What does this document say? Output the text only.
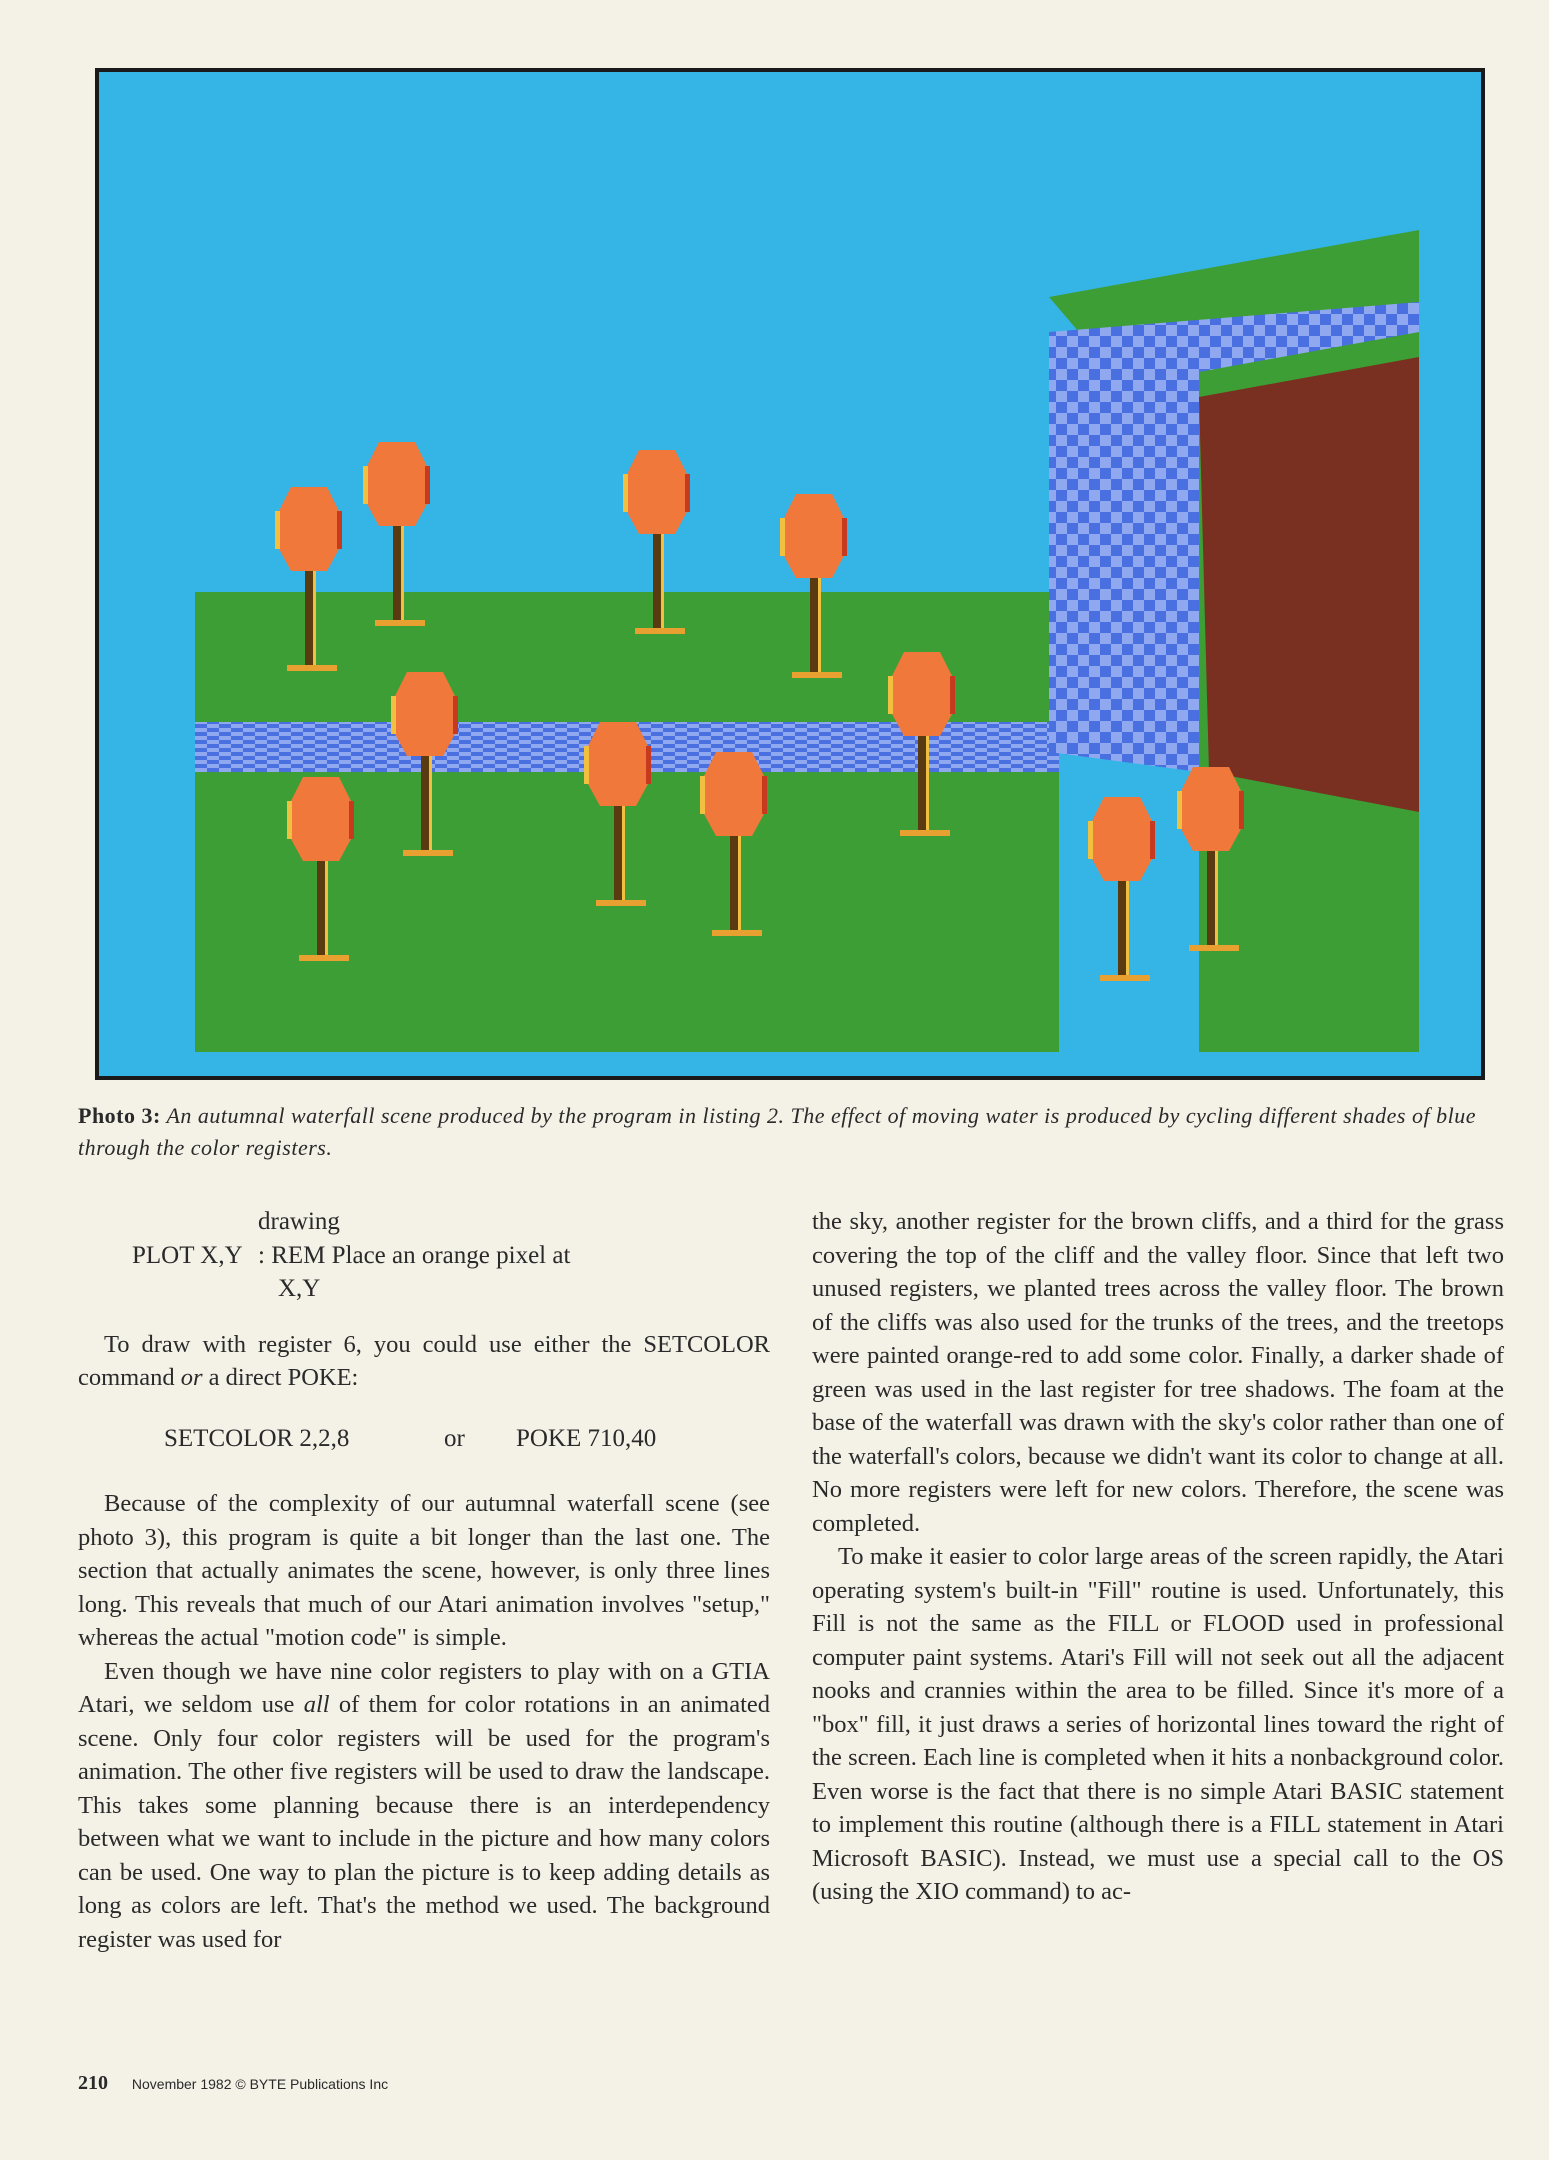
Photo 3: An autumnal waterfall scene produced by the program in listing 2. The effect of moving water is produced by cycling different shades of blue through the color registers.
drawing
PLOT X,Y : REM Place an orange pixel at
X,Y

To draw with register 6, you could use either the SETCOLOR command or a direct POKE:

SETCOLOR 2,2,8	or	POKE 710,40

Because of the complexity of our autumnal waterfall scene (see photo 3), this program is quite a bit longer than the last one. The section that actually animates the scene, however, is only three lines long. This reveals that much of our Atari animation involves "setup," whereas the actual "motion code" is simple.

Even though we have nine color registers to play with on a GTIA Atari, we seldom use all of them for color rotations in an animated scene. Only four color registers will be used for the program's animation. The other five registers will be used to draw the landscape. This takes some planning because there is an interdependency between what we want to include in the picture and how many colors can be used. One way to plan the picture is to keep adding details as long as colors are left. That's the method we used. The background register was used for

the sky, another register for the brown cliffs, and a third for the grass covering the top of the cliff and the valley floor. Since that left two unused registers, we planted trees across the valley floor. The brown of the cliffs was also used for the trunks of the trees, and the treetops were painted orange-red to add some color. Finally, a darker shade of green was used in the last register for tree shadows. The foam at the base of the waterfall was drawn with the sky's color rather than one of the waterfall's colors, because we didn't want its color to change at all. No more registers were left for new colors. Therefore, the scene was completed.

To make it easier to color large areas of the screen rapidly, the Atari operating system's built-in "Fill" routine is used. Unfortunately, this Fill is not the same as the FILL or FLOOD used in professional computer paint systems. Atari's Fill will not seek out all the adjacent nooks and crannies within the area to be filled. Since it's more of a "box" fill, it just draws a series of horizontal lines toward the right of the screen. Each line is completed when it hits a nonbackground color. Even worse is the fact that there is no simple Atari BASIC statement to implement this routine (although there is a FILL statement in Atari Microsoft BASIC). Instead, we must use a special call to the OS (using the XIO command) to ac-

210 November 1982 © BYTE Publications Inc
